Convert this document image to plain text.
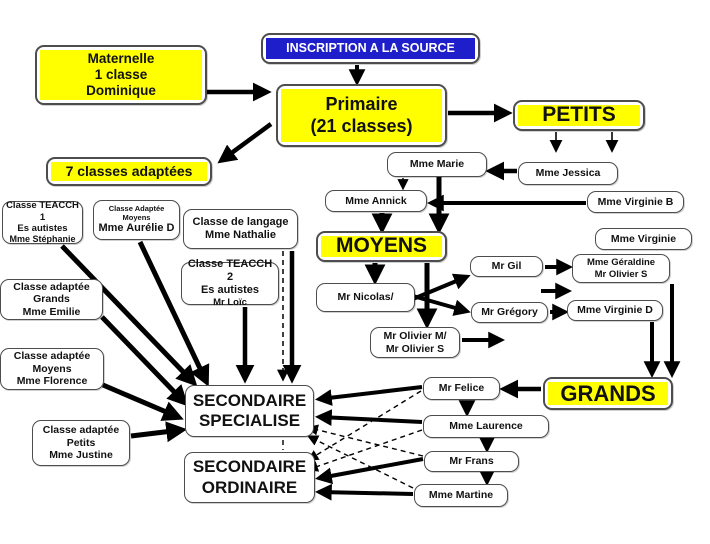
Maternelle
1 classe
Dominique
INSCRIPTION A LA SOURCE
Primaire
(21 classes)	PETITS
7 classes adaptées	Mme Marie
Mme Jessica
Mme Annick	Mme Virginie B
Classe TEACCH 1
Es autistes
Mme Stéphanie
Classe Adaptée
Moyens
Mme Aurélie D
Classe de langage
Mme Nathalie
Classe TEACCH 2
Es autistes
Mr Loïc
MOYENS	Mme Virginie
Mr Gil	Mme Géraldine
Mr Olivier S
Classe adaptée
Grands
Mme Emilie
Mr Nicolas/
Mr Grégory	Mme Virginie D
Mr Olivier M/
Mr Olivier S
Classe adaptée
Moyens
Mme Florence
Classe adaptée
Petits
Mme Justine
SECONDAIRE
SPECIALISE
SECONDAIRE
ORDINAIRE
GRANDS
Mr Felice
Mme Laurence
Mr Frans
Mme Martine
